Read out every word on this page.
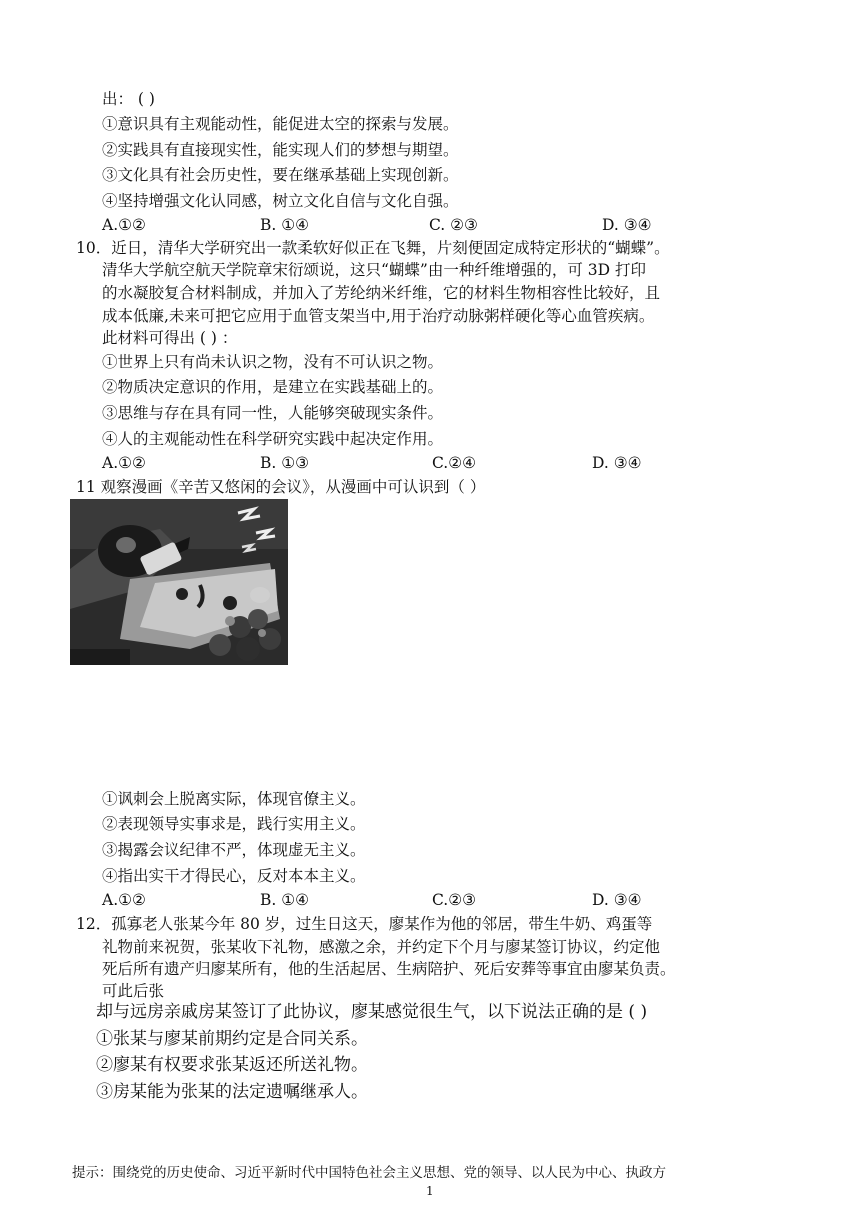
出： ( )
①意识具有主观能动性，能促进太空的探索与发展。
②实践具有直接现实性，能实现人们的梦想与期望。
③文化具有社会历史性，要在继承基础上实现创新。
④坚持增强文化认同感，树立文化自信与文化自强。
A.①②	B. ①④	C. ②③	D. ③④
10．近日，清华大学研究出一款柔软好似正在飞舞，片刻便固定成特定形状的“蝴蝶”。
清华大学航空航天学院章宋衍颂说，这只“蝴蝶”由一种纤维增强的，可 3D 打印
的水凝胶复合材料制成，并加入了芳纶纳米纤维，它的材料生物相容性比较好，且
成本低廉,未来可把它应用于血管支架当中,用于治疗动脉粥样硬化等心血管疾病。
此材料可得出 ( ) ：
①世界上只有尚未认识之物，没有不可认识之物。
②物质决定意识的作用，是建立在实践基础上的。
③思维与存在具有同一性，人能够突破现实条件。
④人的主观能动性在科学研究实践中起决定作用。
A.①②	B. ①③	C.②④	D. ③④
11 观察漫画《辛苦又悠闲的会议》，从漫画中可认识到（ ）
①讽刺会上脱离实际，体现官僚主义。
②表现领导实事求是，践行实用主义。
③揭露会议纪律不严，体现虚无主义。
④指出实干才得民心，反对本本主义。
A.①②	B. ①④	C.②③	D. ③④
12．孤寡老人张某今年 80 岁，过生日这天，廖某作为他的邻居，带生牛奶、鸡蛋等
礼物前来祝贺，张某收下礼物，感激之余，并约定下个月与廖某签订协议，约定他
死后所有遗产归廖某所有，他的生活起居、生病陪护、死后安葬等事宜由廖某负责。
可此后张
却与远房亲戚房某签订了此协议，廖某感觉很生气，以下说法正确的是 ( )
①张某与廖某前期约定是合同关系。
②廖某有权要求张某返还所送礼物。
③房某能为张某的法定遗嘱继承人。
提示：围绕党的历史使命、习近平新时代中国特色社会主义思想、党的领导、以人民为中心、执政方
1
